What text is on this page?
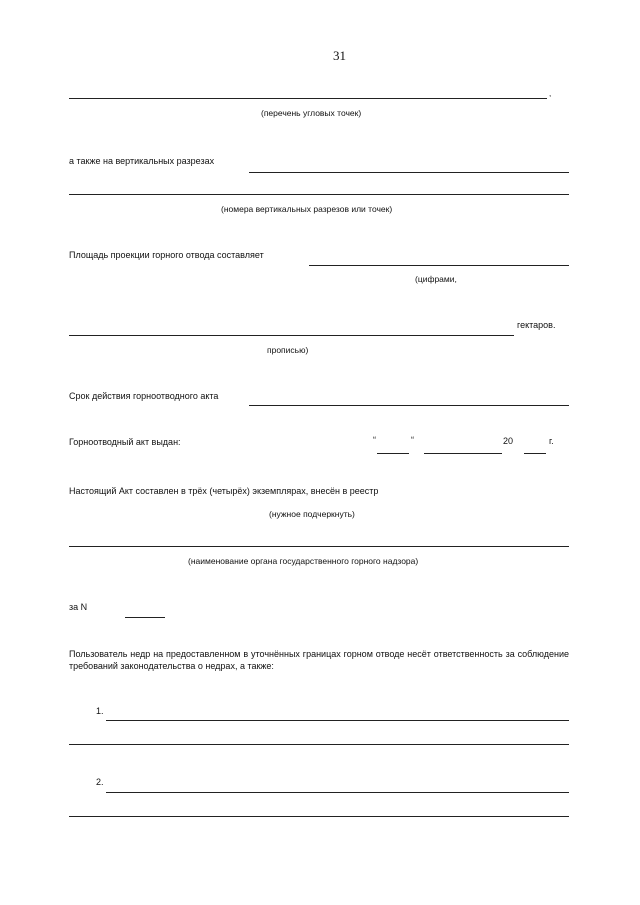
31
,
(перечень угловых точек)
а также на вертикальных разрезах
(номера вертикальных разрезов или точек)
Площадь проекции горного отвода составляет
(цифрами,
гектаров.
прописью)
Срок действия горноотводного акта
Горноотводный акт выдан:	“	“	20	г.
Настоящий Акт составлен в трёх (четырёх) экземплярах, внесён в реестр
(нужное подчеркнуть)
(наименование органа государственного горного надзора)
за N
Пользователь недр на предоставленном в уточнённых границах горном отводе несёт ответственность за соблюдение требований законодательства о недрах, а также:
1.
2.
